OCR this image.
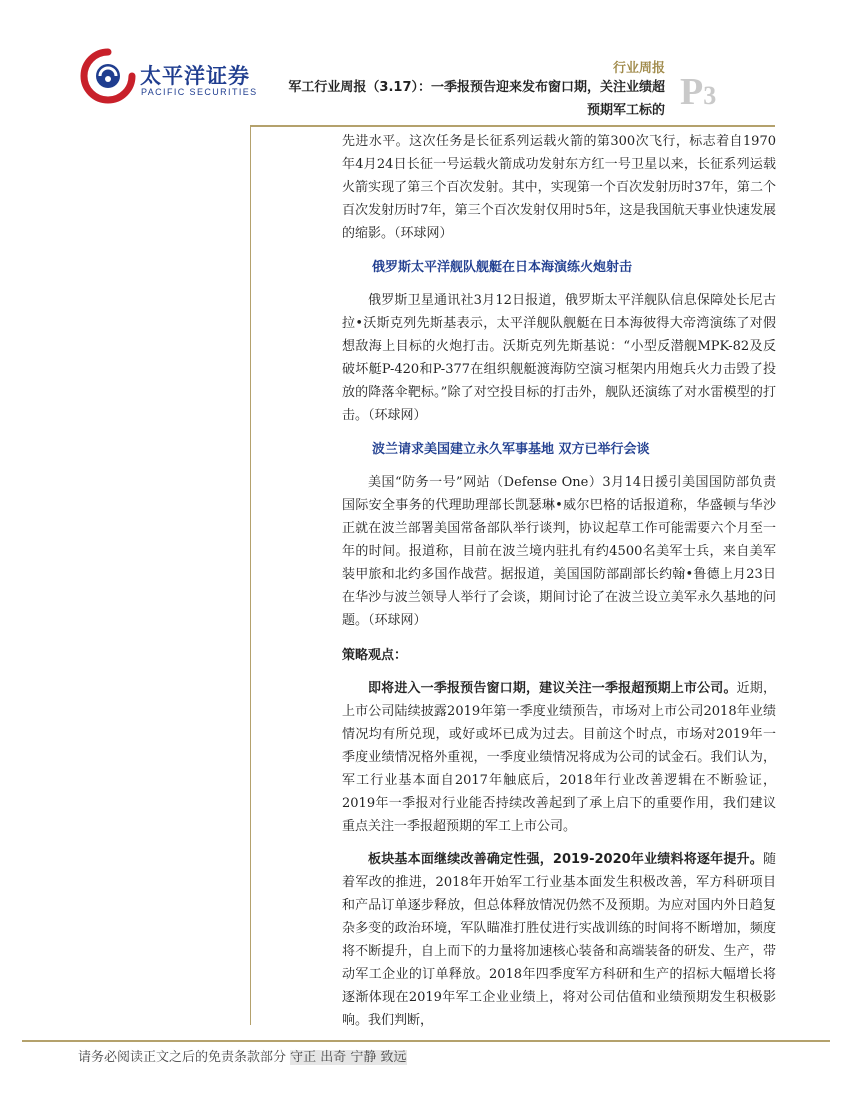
太平洋证券
PACIFIC SECURITIES
行业周报
P3
军工行业周报（3.17）：一季报预告迎来发布窗口期，关注业绩超
预期军工标的

先进水平。这次任务是长征系列运载火箭的第300次飞行，标志着自1970年4月24日长征一号运载火箭成功发射东方红一号卫星以来，长征系列运载火箭实现了第三个百次发射。其中，实现第一个百次发射历时37年，第二个百次发射历时7年，第三个百次发射仅用时5年，这是我国航天事业快速发展的缩影。（环球网）

俄罗斯太平洋舰队舰艇在日本海演练火炮射击

俄罗斯卫星通讯社3月12日报道，俄罗斯太平洋舰队信息保障处长尼古拉•沃斯克列先斯基表示，太平洋舰队舰艇在日本海彼得大帝湾演练了对假想敌海上目标的火炮打击。沃斯克列先斯基说：“小型反潜舰MPK-82及反破坏艇P-420和P-377在组织舰艇渡海防空演习框架内用炮兵火力击毁了投放的降落伞靶标。”除了对空投目标的打击外，舰队还演练了对水雷模型的打击。（环球网）

波兰请求美国建立永久军事基地 双方已举行会谈

美国“防务一号”网站（Defense One）3月14日援引美国国防部负责国际安全事务的代理助理部长凯瑟琳•威尔巴格的话报道称，华盛顿与华沙正就在波兰部署美国常备部队举行谈判，协议起草工作可能需要六个月至一年的时间。报道称，目前在波兰境内驻扎有约4500名美军士兵，来自美军装甲旅和北约多国作战营。据报道，美国国防部副部长约翰•鲁德上月23日在华沙与波兰领导人举行了会谈，期间讨论了在波兰设立美军永久基地的问题。（环球网）

策略观点：

即将进入一季报预告窗口期，建议关注一季报超预期上市公司。近期，上市公司陆续披露2019年第一季度业绩预告，市场对上市公司2018年业绩情况均有所兑现，或好或坏已成为过去。目前这个时点，市场对2019年一季度业绩情况格外重视，一季度业绩情况将成为公司的试金石。我们认为，军工行业基本面自2017年触底后，2018年行业改善逻辑在不断验证，2019年一季报对行业能否持续改善起到了承上启下的重要作用，我们建议重点关注一季报超预期的军工上市公司。

板块基本面继续改善确定性强，2019-2020年业绩料将逐年提升。随着军改的推进，2018年开始军工行业基本面发生积极改善，军方科研项目和产品订单逐步释放，但总体释放情况仍然不及预期。为应对国内外日趋复杂多变的政治环境，军队瞄准打胜仗进行实战训练的时间将不断增加，频度将不断提升，自上而下的力量将加速核心装备和高端装备的研发、生产，带动军工企业的订单释放。2018年四季度军方科研和生产的招标大幅增长将逐渐体现在2019年军工企业业绩上，将对公司估值和业绩预期发生积极影响。我们判断，

请务必阅读正文之后的免责条款部分 守正 出奇 宁静 致远
